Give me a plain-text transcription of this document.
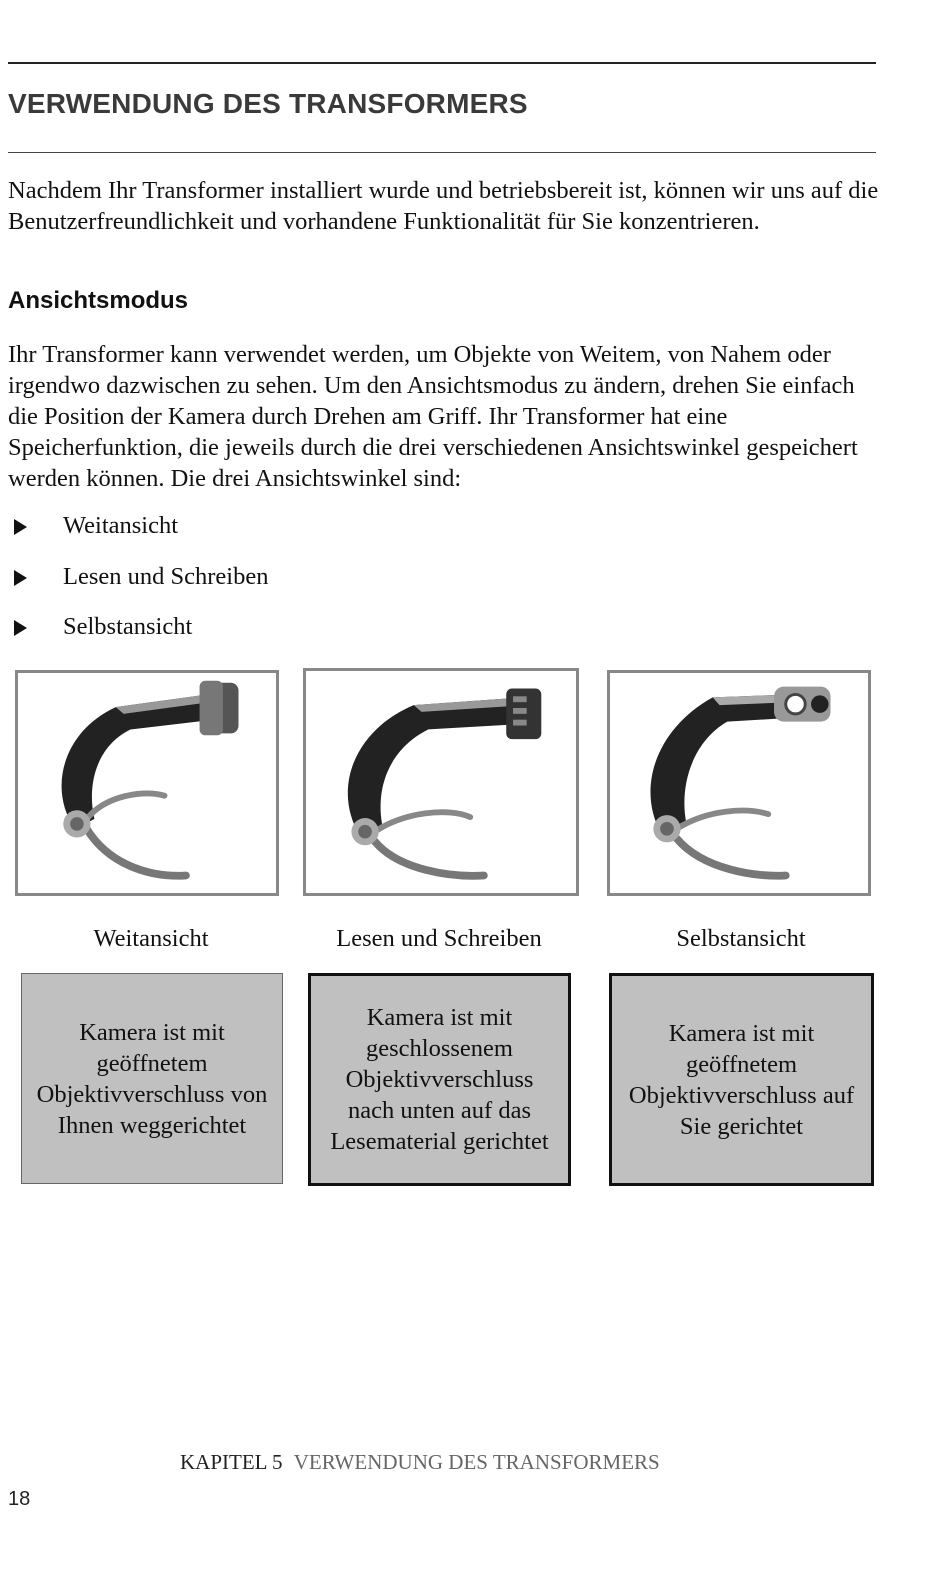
VERWENDUNG DES TRANSFORMERS

Nachdem Ihr Transformer installiert wurde und betriebsbereit ist, können wir uns auf die Benutzerfreundlichkeit und vorhandene Funktionalität für Sie konzentrieren.

Ansichtsmodus

Ihr Transformer kann verwendet werden, um Objekte von Weitem, von Nahem oder irgendwo dazwischen zu sehen. Um den Ansichtsmodus zu ändern, drehen Sie einfach die Position der Kamera durch Drehen am Griff. Ihr Transformer hat eine Speicherfunktion, die jeweils durch die drei verschiedenen Ansichtswinkel gespeichert werden können. Die drei Ansichtswinkel sind:

Weitansicht
Lesen und Schreiben
Selbstansicht
Weitansicht	Lesen und Schreiben	Selbstansicht
Kamera ist mit geöffnetem Objektivverschluss von Ihnen weggerichtet
Kamera ist mit geschlossenem Objektivverschluss nach unten auf das Lesematerial gerichtet
Kamera ist mit geöffnetem Objektivverschluss auf Sie gerichtet
KAPITEL 5 VERWENDUNG DES TRANSFORMERS
18
